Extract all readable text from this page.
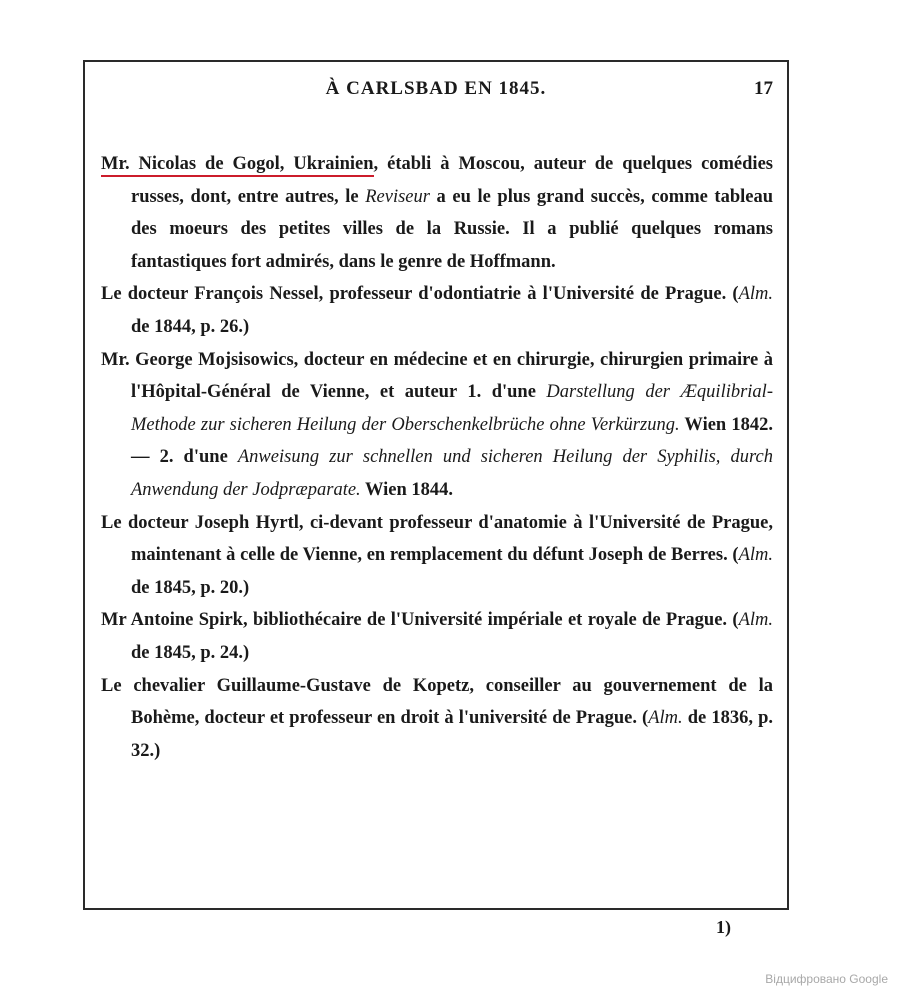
À CARLSBAD EN 1845.	17

Mr. Nicolas de Gogol, Ukrainien, établi à Moscou, auteur de quelques comédies russes, dont, entre autres, le Reviseur a eu le plus grand succès, comme tableau des moeurs des petites villes de la Russie. Il a publié quelques romans fantastiques fort admirés, dans le genre de Hoffmann.

Le docteur François Nessel, professeur d'odontiatrie à l'Université de Prague. (Alm. de 1844, p. 26.)

Mr. George Mojsisowics, docteur en médecine et en chirurgie, chirurgien primaire à l'Hôpital-Général de Vienne, et auteur 1. d'une Darstellung der Æquilibrial-Methode zur sicheren Heilung der Oberschenkelbrüche ohne Verkürzung. Wien 1842. — 2. d'une Anweisung zur schnellen und sicheren Heilung der Syphilis, durch Anwendung der Jodpræparate. Wien 1844.

Le docteur Joseph Hyrtl, ci-devant professeur d'anatomie à l'Université de Prague, maintenant à celle de Vienne, en remplacement du défunt Joseph de Berres. (Alm. de 1845, p. 20.)

Mr Antoine Spirk, bibliothécaire de l'Université impériale et royale de Prague. (Alm. de 1845, p. 24.)

Le chevalier Guillaume-Gustave de Kopetz, conseiller au gouvernement de la Bohème, docteur et professeur en droit à l'université de Prague. (Alm. de 1836, p. 32.)

1)
Відцифровано Google
